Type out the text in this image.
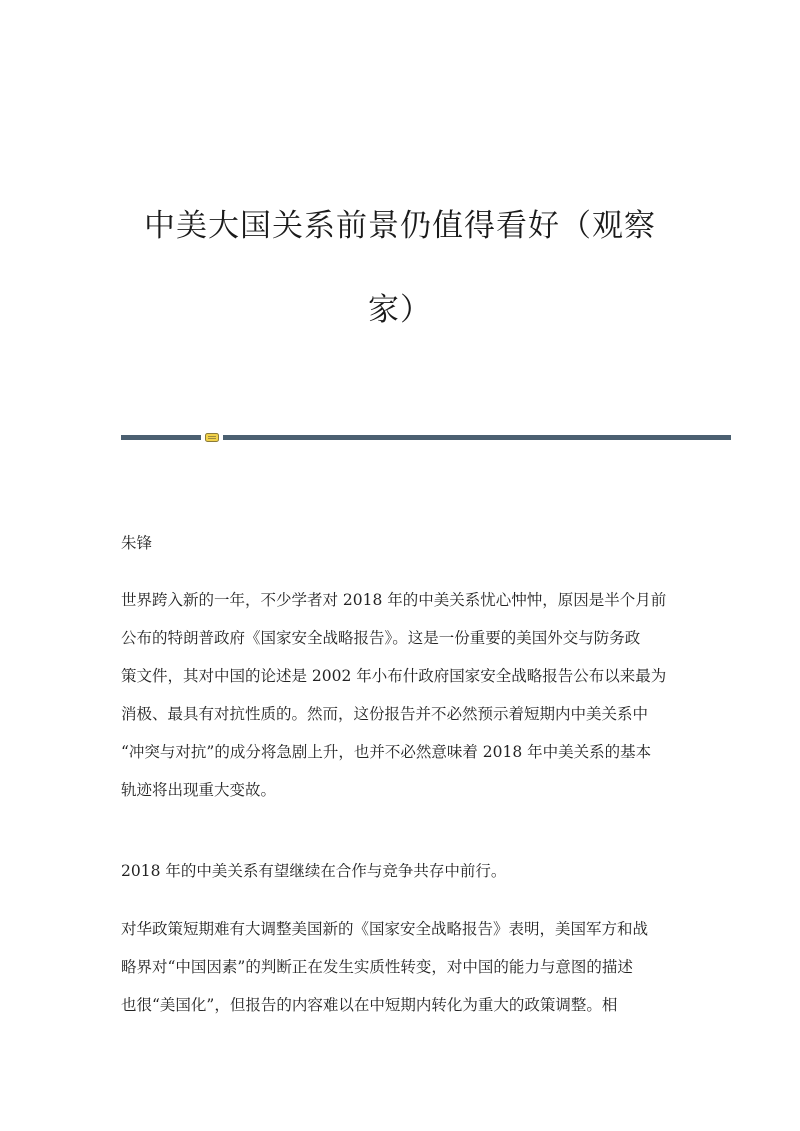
中美大国关系前景仍值得看好（观察
家）
朱锋
世界跨入新的一年，不少学者对 2018 年的中美关系忧心忡忡，原因是半个月前
公布的特朗普政府《国家安全战略报告》。这是一份重要的美国外交与防务政
策文件，其对中国的论述是 2002 年小布什政府国家安全战略报告公布以来最为
消极、最具有对抗性质的。然而，这份报告并不必然预示着短期内中美关系中
“冲突与对抗”的成分将急剧上升，也并不必然意味着 2018 年中美关系的基本
轨迹将出现重大变故。
2018 年的中美关系有望继续在合作与竞争共存中前行。
对华政策短期难有大调整美国新的《国家安全战略报告》表明，美国军方和战
略界对“中国因素”的判断正在发生实质性转变，对中国的能力与意图的描述
也很“美国化”，但报告的内容难以在中短期内转化为重大的政策调整。相
